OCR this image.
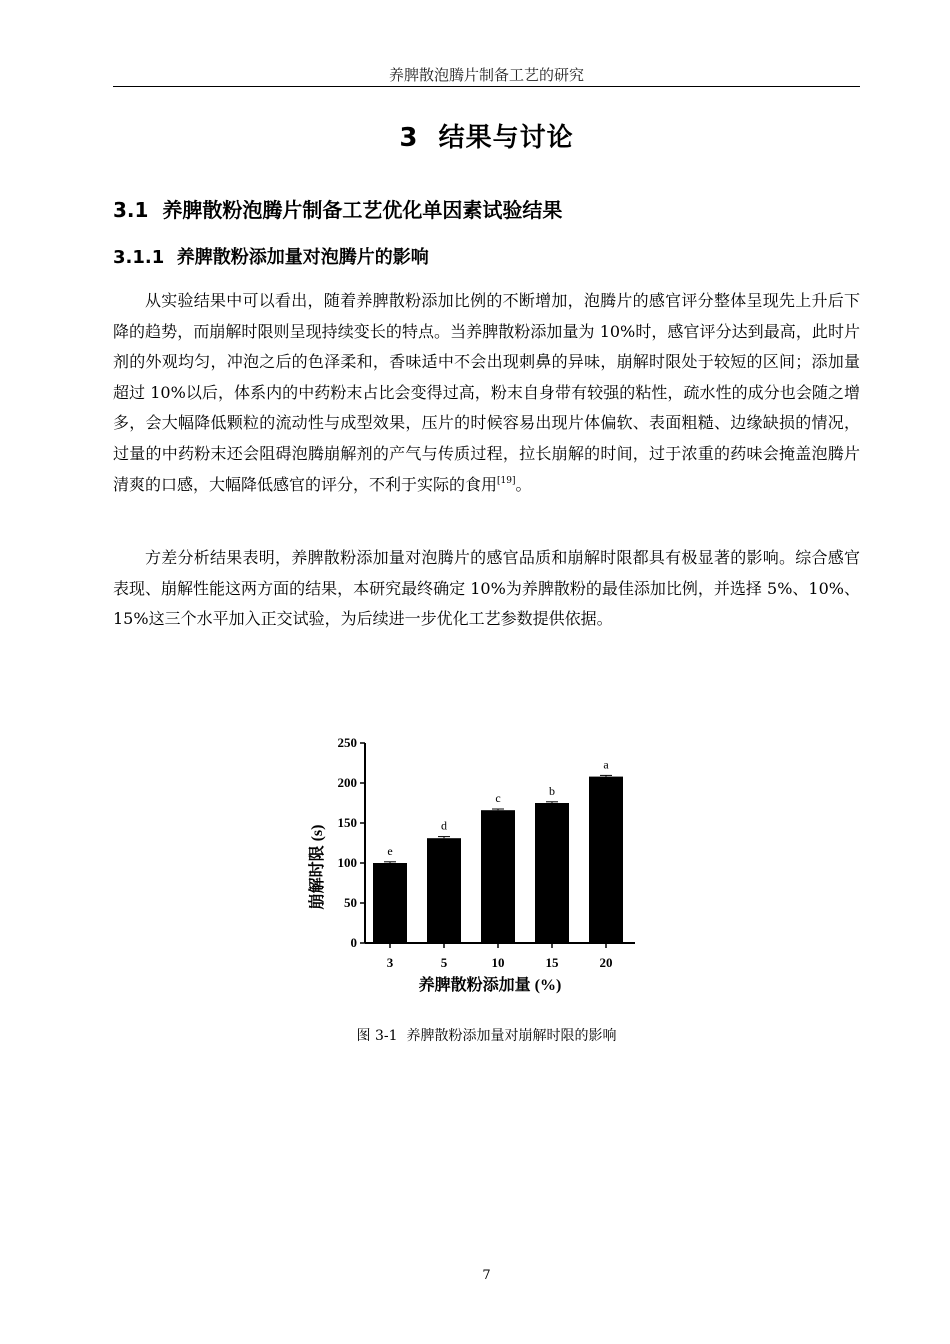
养脾散泡腾片制备工艺的研究
3  结果与讨论
3.1  养脾散粉泡腾片制备工艺优化单因素试验结果
3.1.1  养脾散粉添加量对泡腾片的影响

从实验结果中可以看出，随着养脾散粉添加比例的不断增加，泡腾片的感官评分整体呈现先上升后下降的趋势，而崩解时限则呈现持续变长的特点。当养脾散粉添加量为 10%时，感官评分达到最高，此时片剂的外观均匀，冲泡之后的色泽柔和，香味适中不会出现刺鼻的异味，崩解时限处于较短的区间；添加量超过 10%以后，体系内的中药粉末占比会变得过高，粉末自身带有较强的粘性，疏水性的成分也会随之增多，会大幅降低颗粒的流动性与成型效果，压片的时候容易出现片体偏软、表面粗糙、边缘缺损的情况，过量的中药粉末还会阻碍泡腾崩解剂的产气与传质过程，拉长崩解的时间，过于浓重的药味会掩盖泡腾片清爽的口感，大幅降低感官的评分，不利于实际的食用[19]。

方差分析结果表明，养脾散粉添加量对泡腾片的感官品质和崩解时限都具有极显著的影响。综合感官表现、崩解性能这两方面的结果，本研究最终确定 10%为养脾散粉的最佳添加比例，并选择 5%、10%、15%这三个水平加入正交试验，为后续进一步优化工艺参数提供依据。

0
50
100
150
200
250
e
3
d
5
c
10
b
15
a
20
养脾散粉添加量 (%)
崩解时限 (s)
图 3-1  养脾散粉添加量对崩解时限的影响
7
